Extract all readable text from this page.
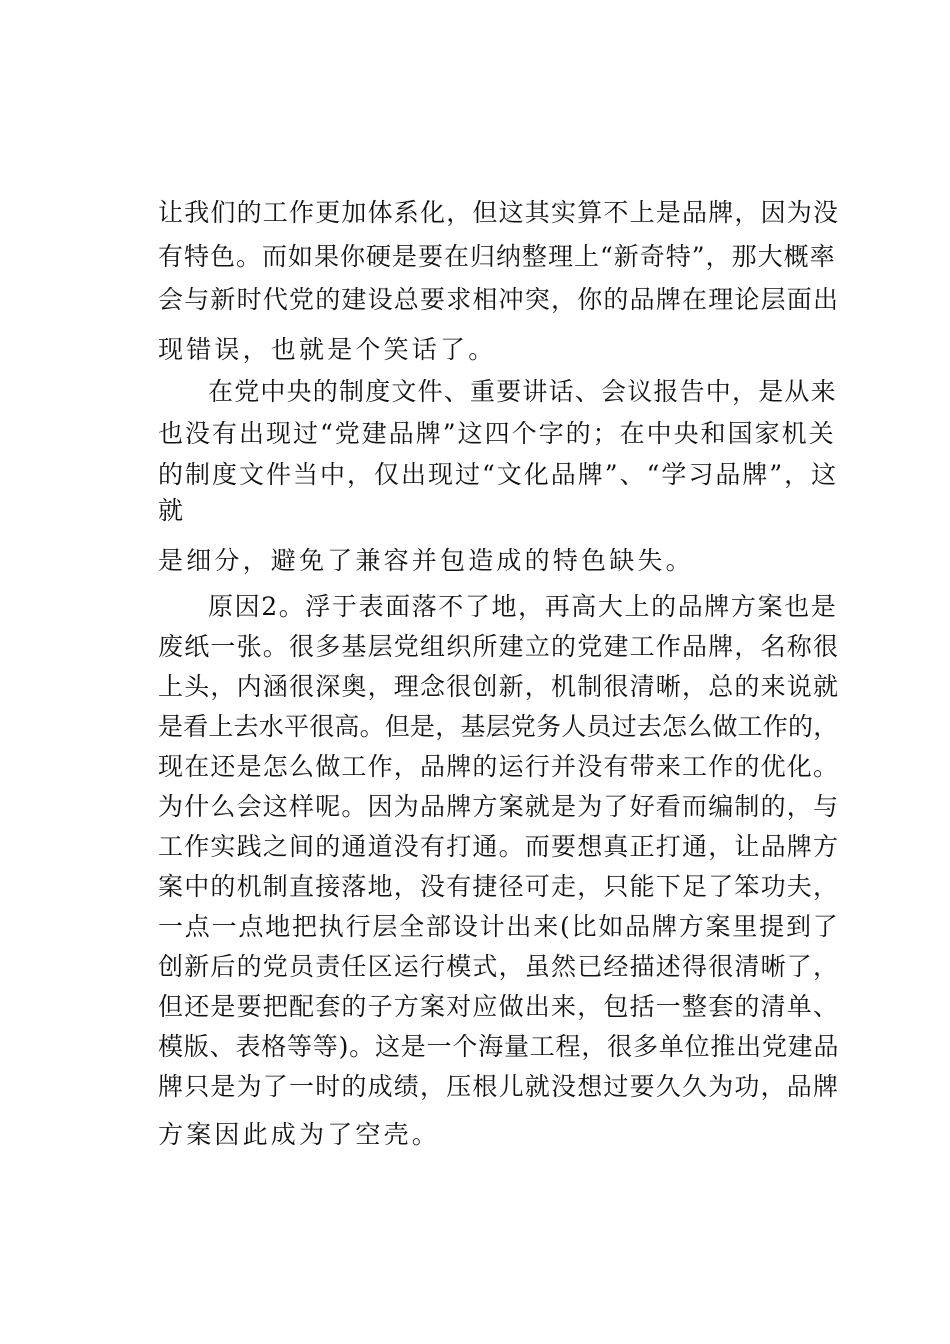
让我们的工作更加体系化，但这其实算不上是品牌，因为没
有特色。而如果你硬是要在归纳整理上“新奇特”，那大概率
会与新时代党的建设总要求相冲突，你的品牌在理论层面出
现错误，也就是个笑话了。
在党中央的制度文件、重要讲话、会议报告中，是从来
也没有出现过“党建品牌”这四个字的；在中央和国家机关
的制度文件当中，仅出现过“文化品牌”、“学习品牌”，这
就
是细分，避免了兼容并包造成的特色缺失。
原因2。浮于表面落不了地，再高大上的品牌方案也是
废纸一张。很多基层党组织所建立的党建工作品牌，名称很
上头，内涵很深奥，理念很创新，机制很清晰，总的来说就
是看上去水平很高。但是，基层党务人员过去怎么做工作的，
现在还是怎么做工作，品牌的运行并没有带来工作的优化。
为什么会这样呢。因为品牌方案就是为了好看而编制的，与
工作实践之间的通道没有打通。而要想真正打通，让品牌方
案中的机制直接落地，没有捷径可走，只能下足了笨功夫，
一点一点地把执行层全部设计出来(比如品牌方案里提到了
创新后的党员责任区运行模式，虽然已经描述得很清晰了，
但还是要把配套的子方案对应做出来，包括一整套的清单、
模版、表格等等)。这是一个海量工程，很多单位推出党建品
牌只是为了一时的成绩，压根儿就没想过要久久为功，品牌
方案因此成为了空壳。
